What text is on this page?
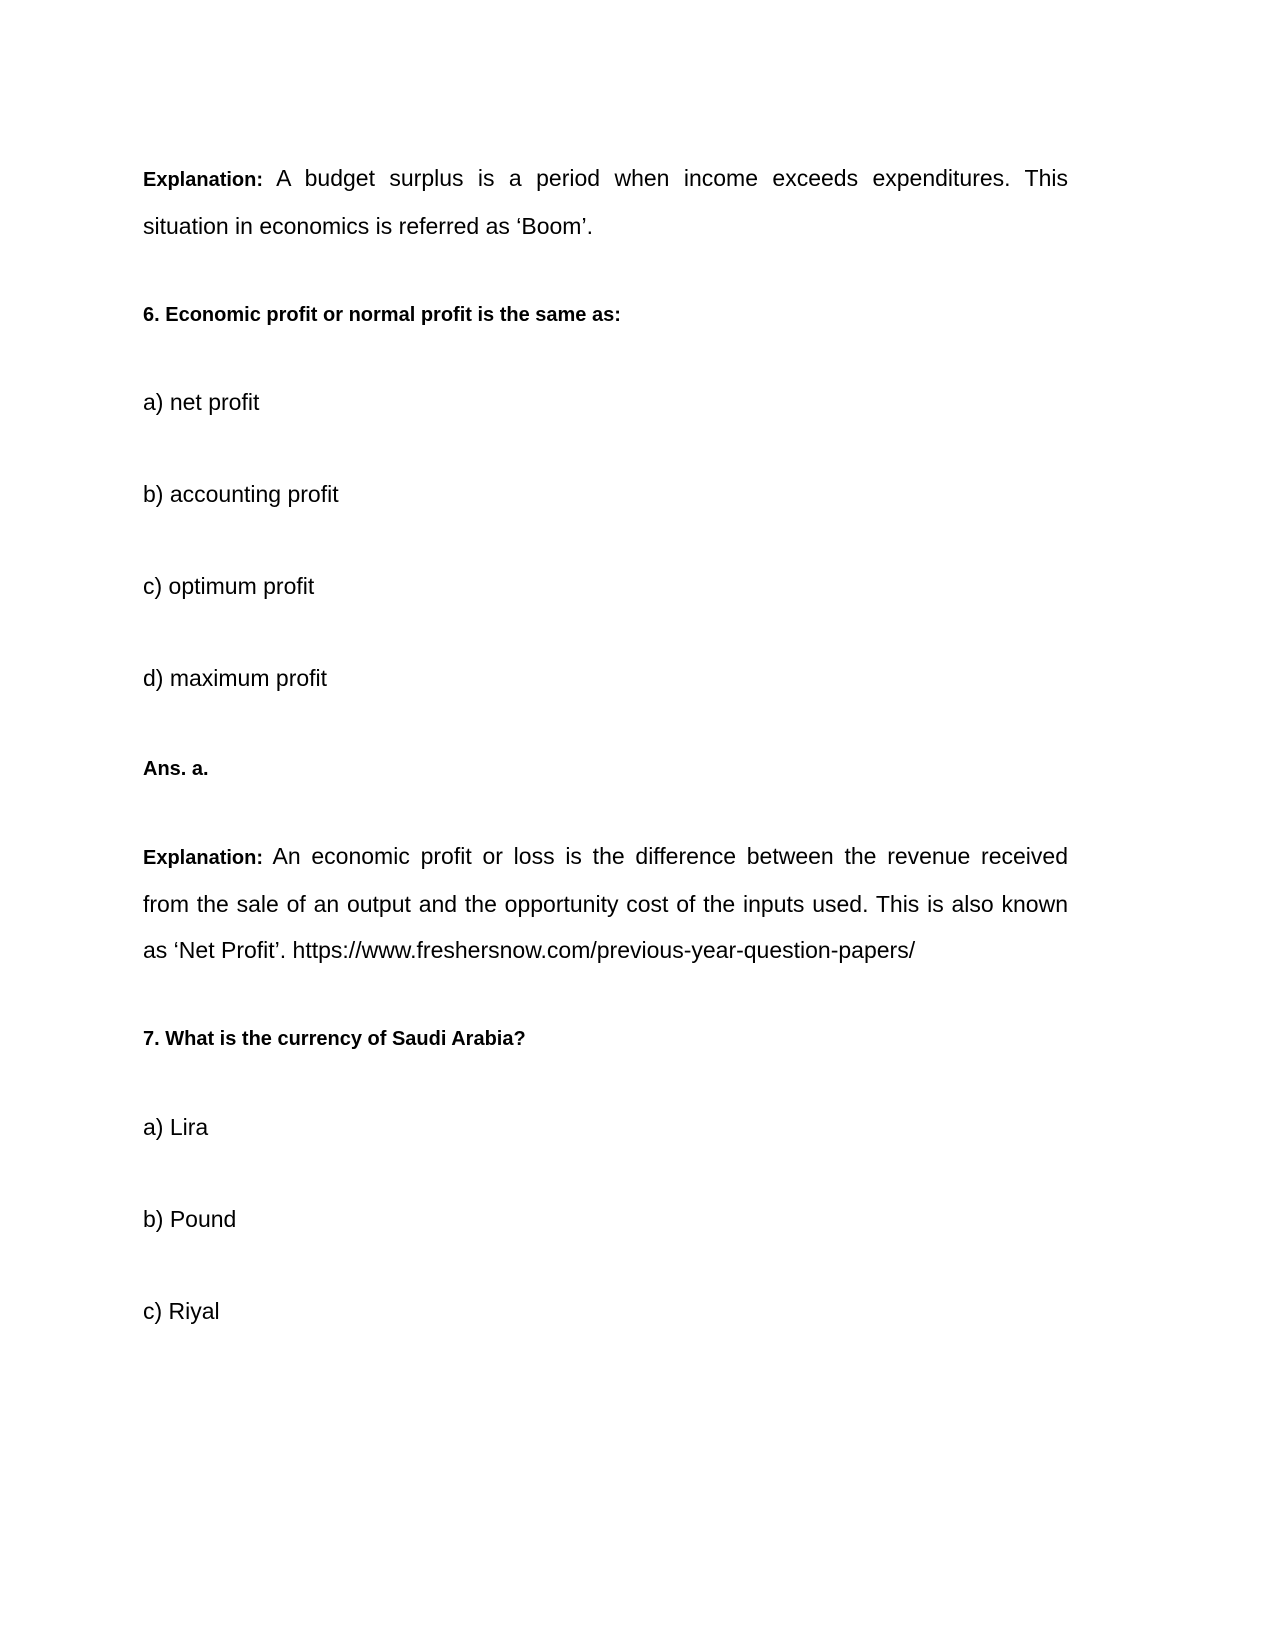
Explanation: A budget surplus is a period when income exceeds expenditures. This situation in economics is referred as ‘Boom’.
6. Economic profit or normal profit is the same as:
a) net profit
b) accounting profit
c) optimum profit
d) maximum profit
Ans. a.
Explanation: An economic profit or loss is the difference between the revenue received from the sale of an output and the opportunity cost of the inputs used. This is also known as ‘Net Profit’. https://www.freshersnow.com/previous-year-question-papers/
7. What is the currency of Saudi Arabia?
a) Lira
b) Pound
c) Riyal
